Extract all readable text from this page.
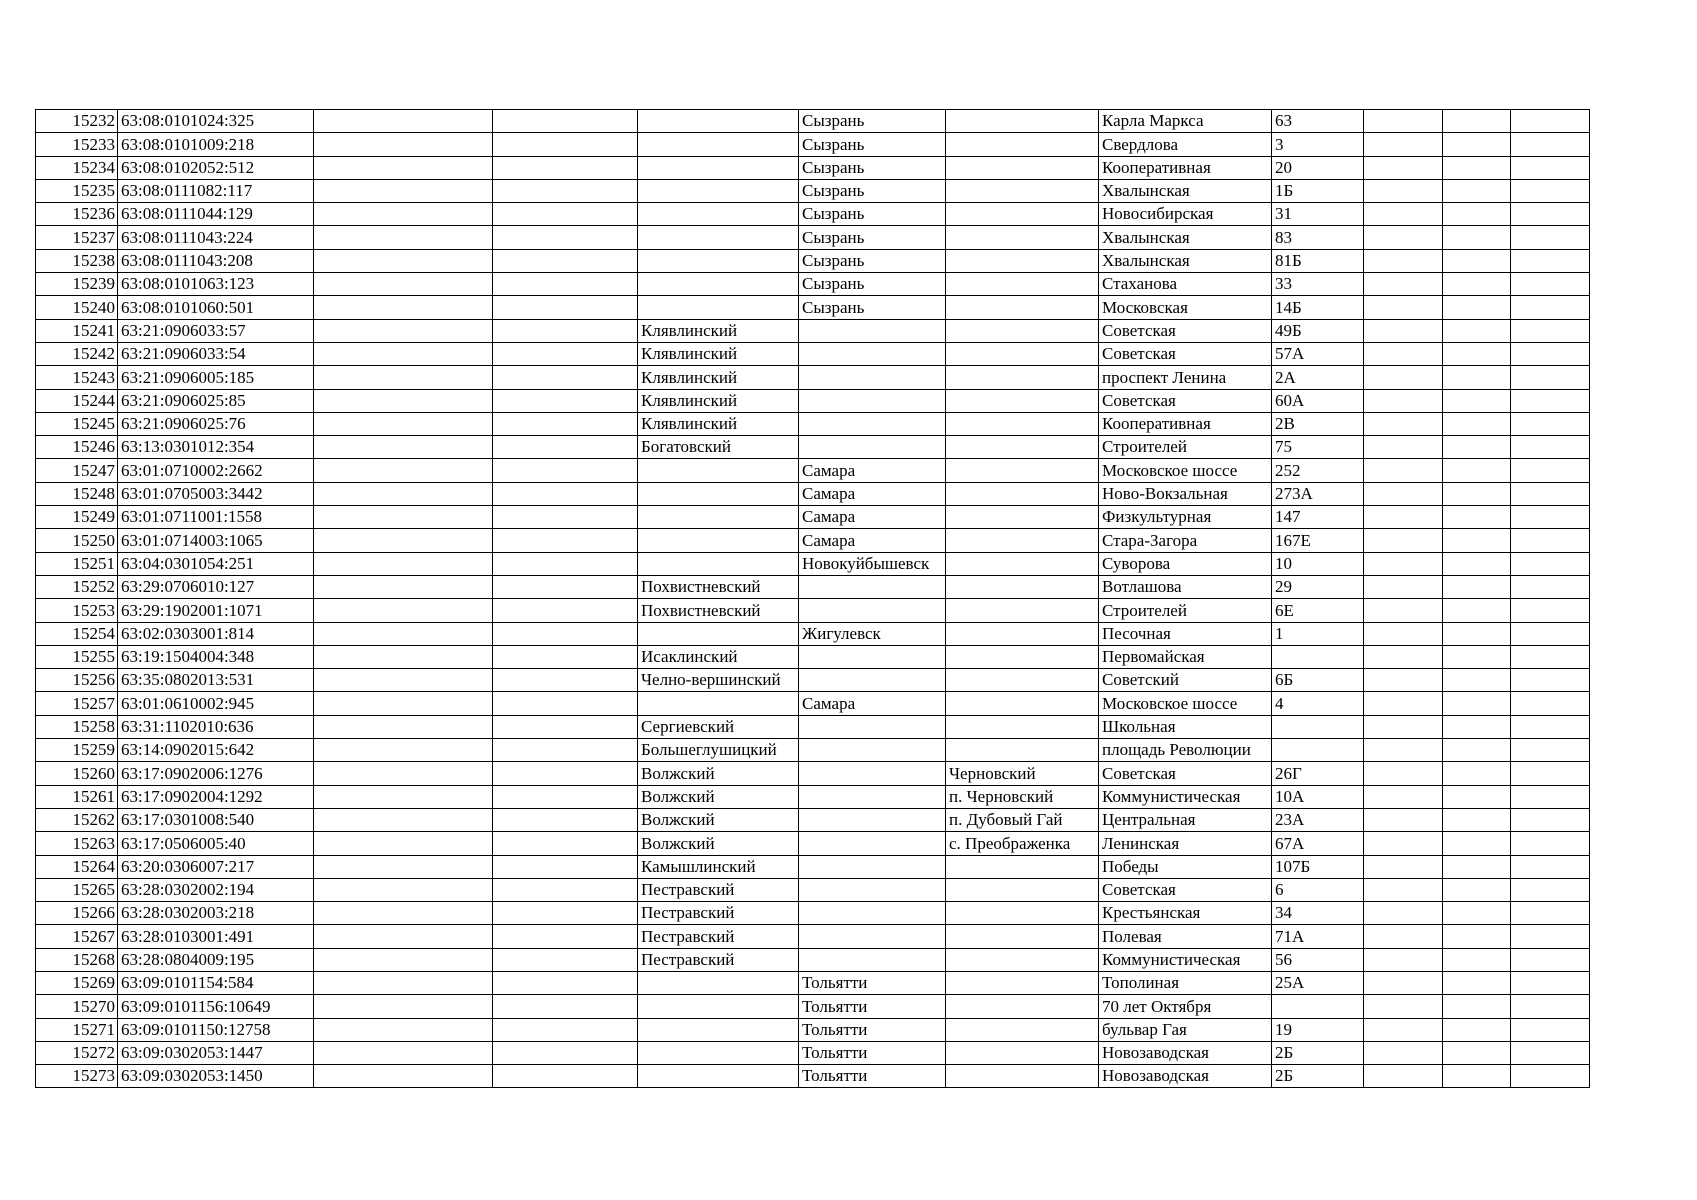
15232	63:08:0101024:325				Сызрань		Карла Маркса	63			
15233	63:08:0101009:218				Сызрань		Свердлова	3			
15234	63:08:0102052:512				Сызрань		Кооперативная	20			
15235	63:08:0111082:117				Сызрань		Хвалынская	1Б			
15236	63:08:0111044:129				Сызрань		Новосибирская	31			
15237	63:08:0111043:224				Сызрань		Хвалынская	83			
15238	63:08:0111043:208				Сызрань		Хвалынская	81Б			
15239	63:08:0101063:123				Сызрань		Стаханова	33			
15240	63:08:0101060:501				Сызрань		Московская	14Б			
15241	63:21:0906033:57			Клявлинский			Советская	49Б			
15242	63:21:0906033:54			Клявлинский			Советская	57А			
15243	63:21:0906005:185			Клявлинский			проспект Ленина	2А			
15244	63:21:0906025:85			Клявлинский			Советская	60А			
15245	63:21:0906025:76			Клявлинский			Кооперативная	2В			
15246	63:13:0301012:354			Богатовский			Строителей	75			
15247	63:01:0710002:2662				Самара		Московское шоссе	252			
15248	63:01:0705003:3442				Самара		Ново-Вокзальная	273А			
15249	63:01:0711001:1558				Самара		Физкультурная	147			
15250	63:01:0714003:1065				Самара		Стара-Загора	167Е			
15251	63:04:0301054:251				Новокуйбышевск		Суворова	10			
15252	63:29:0706010:127			Похвистневский			Вотлашова	29			
15253	63:29:1902001:1071			Похвистневский			Строителей	6Е			
15254	63:02:0303001:814				Жигулевск		Песочная	1			
15255	63:19:1504004:348			Исаклинский			Первомайская				
15256	63:35:0802013:531			Челно-вершинский			Советский	6Б			
15257	63:01:0610002:945				Самара		Московское шоссе	4			
15258	63:31:1102010:636			Сергиевский			Школьная				
15259	63:14:0902015:642			Большеглушицкий			площадь Революции				
15260	63:17:0902006:1276			Волжский		Черновский	Советская	26Г			
15261	63:17:0902004:1292			Волжский		п. Черновский	Коммунистическая	10А			
15262	63:17:0301008:540			Волжский		п. Дубовый Гай	Центральная	23А			
15263	63:17:0506005:40			Волжский		с. Преображенка	Ленинская	67А			
15264	63:20:0306007:217			Камышлинский			Победы	107Б			
15265	63:28:0302002:194			Пестравский			Советская	6			
15266	63:28:0302003:218			Пестравский			Крестьянская	34			
15267	63:28:0103001:491			Пестравский			Полевая	71А			
15268	63:28:0804009:195			Пестравский			Коммунистическая	56			
15269	63:09:0101154:584				Тольятти		Тополиная	25А			
15270	63:09:0101156:10649				Тольятти		70 лет Октября				
15271	63:09:0101150:12758				Тольятти		бульвар Гая	19			
15272	63:09:0302053:1447				Тольятти		Новозаводская	2Б			
15273	63:09:0302053:1450				Тольятти		Новозаводская	2Б			
